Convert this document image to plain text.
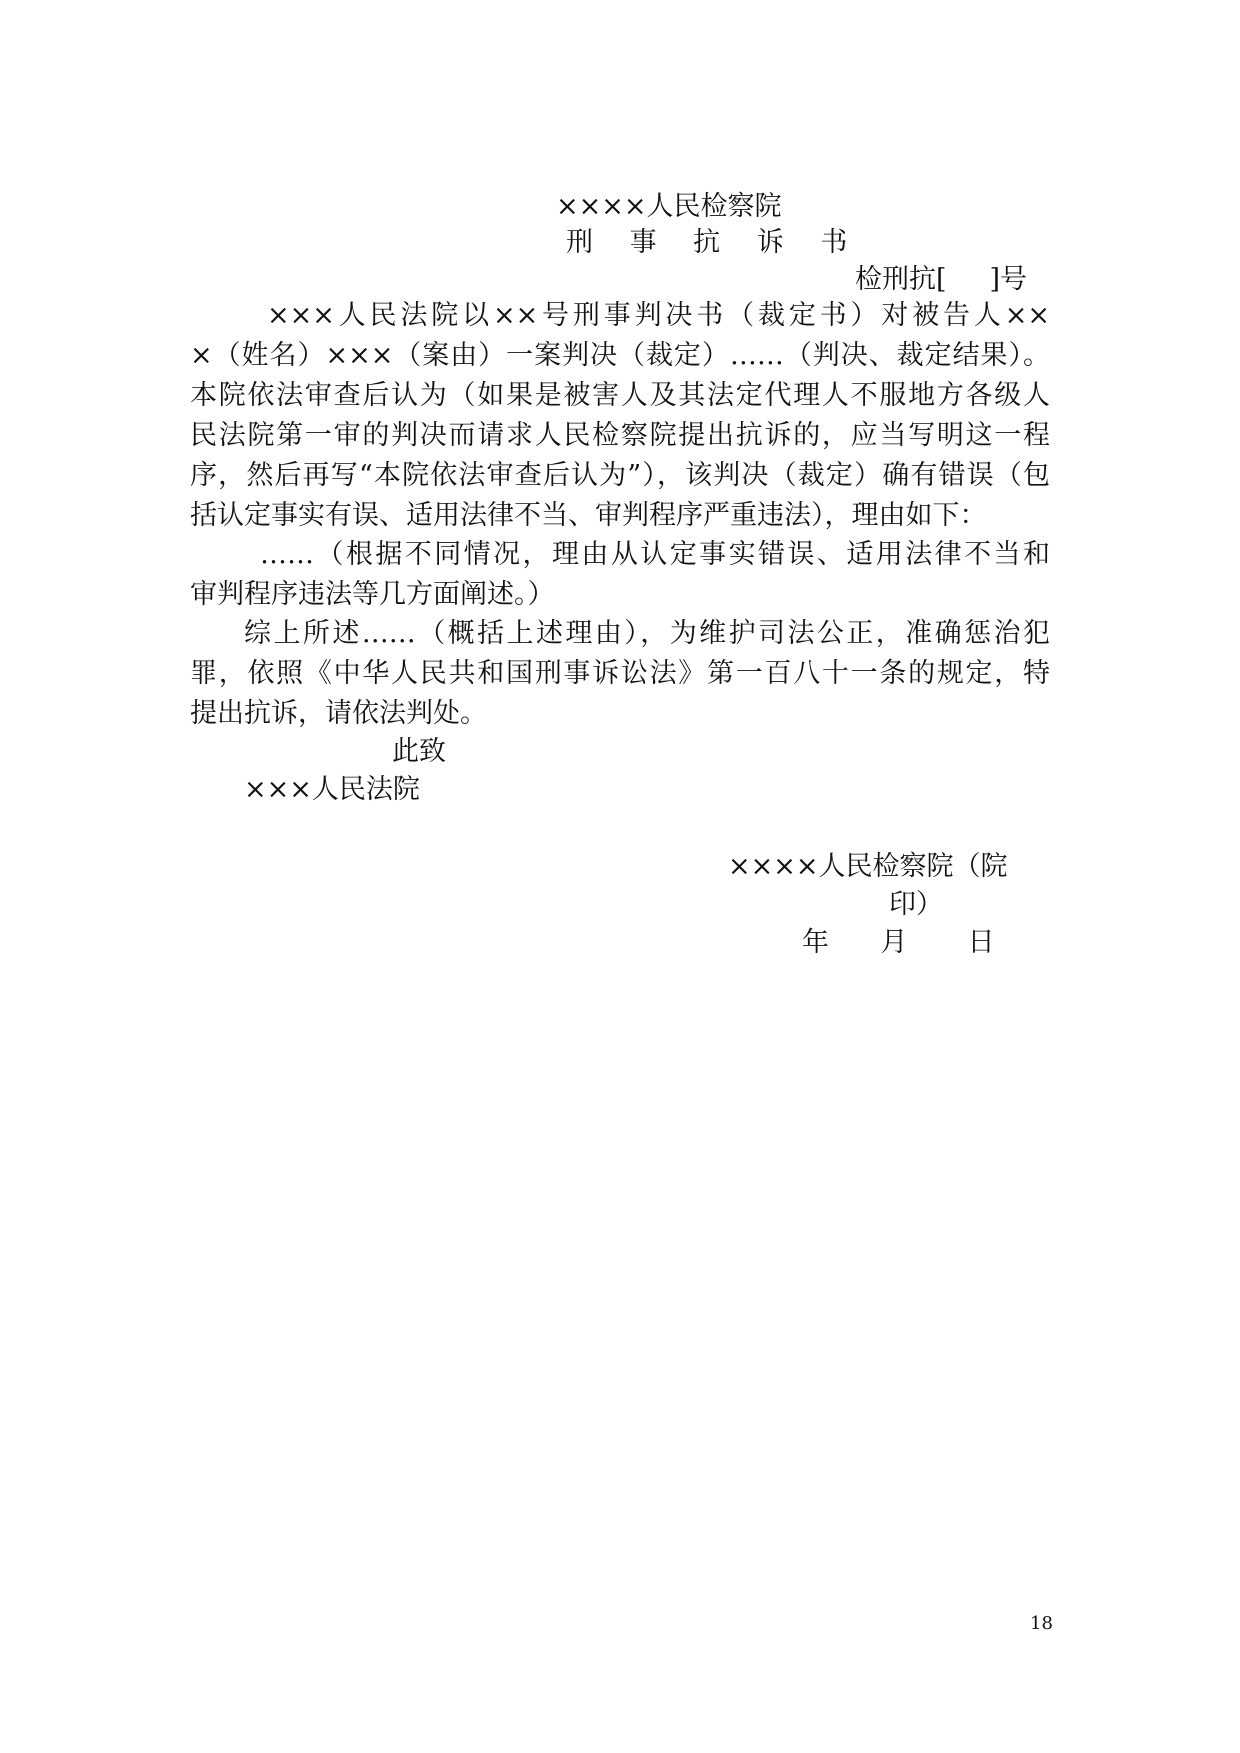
××××人民检察院

刑 事 抗 诉 书

检刑抗[     ]号

×××人民法院以××号刑事判决书（裁定书）对被告人××

×（姓名）×××（案由）一案判决（裁定）……（判决、裁定结果）。

本院依法审查后认为（如果是被害人及其法定代理人不服地方各级人

民法院第一审的判决而请求人民检察院提出抗诉的，应当写明这一程

序，然后再写“本院依法审查后认为”），该判决（裁定）确有错误（包

括认定事实有误、适用法律不当、审判程序严重违法），理由如下：

……（根据不同情况，理由从认定事实错误、适用法律不当和

审判程序违法等几方面阐述。）

综上所述……（概括上述理由），为维护司法公正，准确惩治犯

罪，依照《中华人民共和国刑事诉讼法》第一百八十一条的规定，特

提出抗诉，请依法判处。

此致

×××人民法院

××××人民检察院（院

印）

年      月       日

18
